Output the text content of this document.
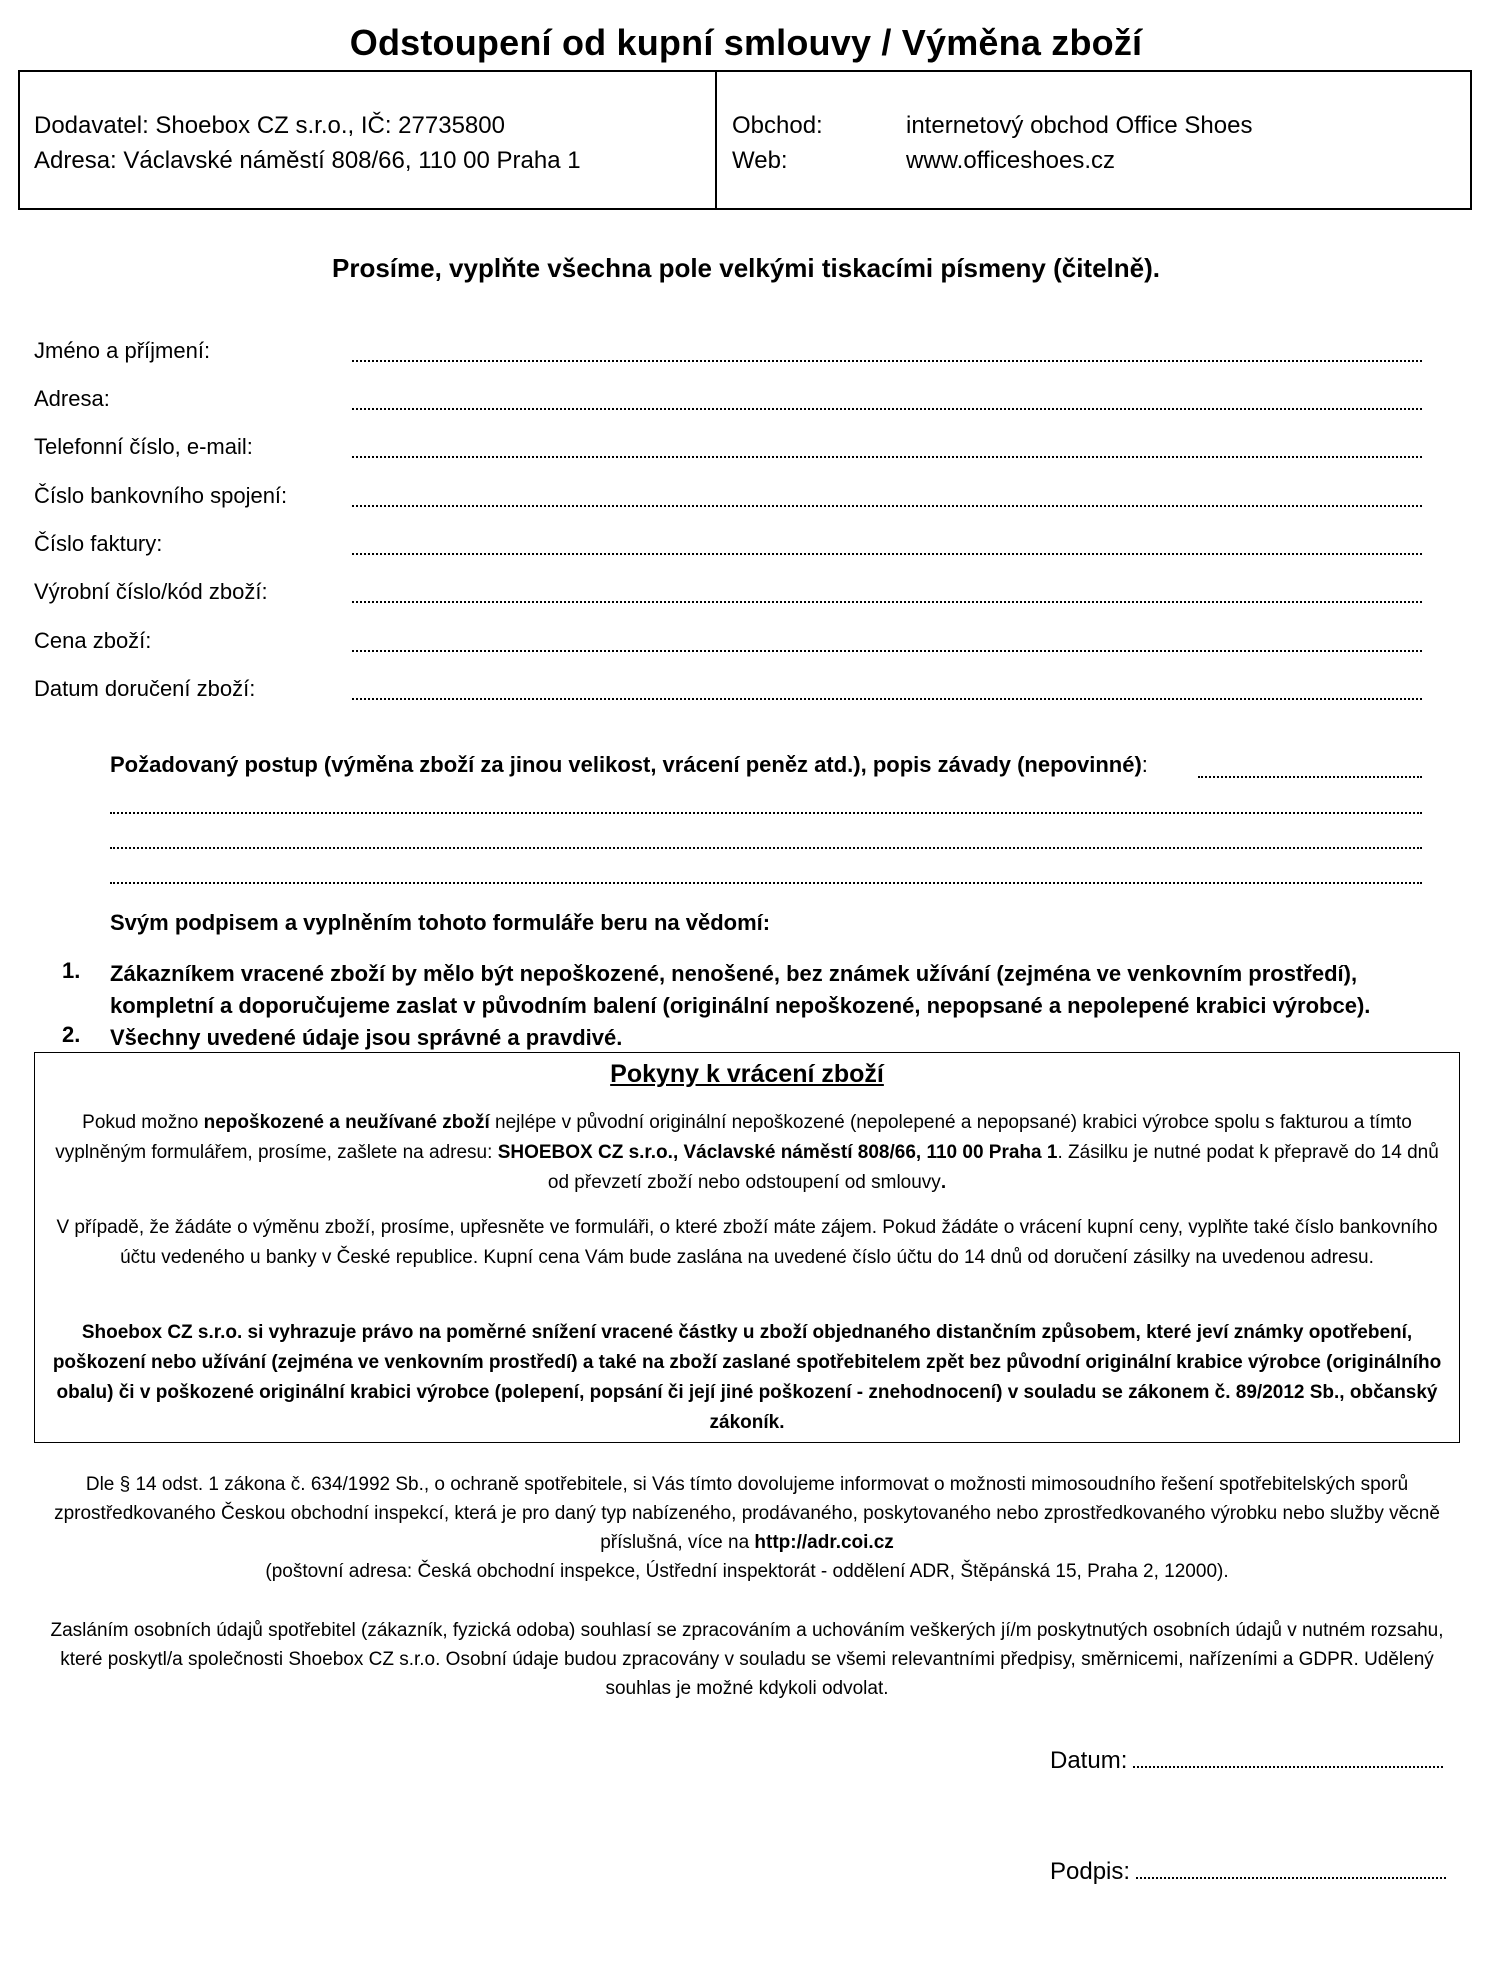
Odstoupení od kupní smlouvy / Výměna zboží
Dodavatel: Shoebox CZ s.r.o., IČ: 27735800
Adresa: Václavské náměstí 808/66, 110 00 Praha 1
Obchod:	internetový obchod Office Shoes
Web:	www.officeshoes.cz
Prosíme, vyplňte všechna pole velkými tiskacími písmeny (čitelně).
Jméno a příjmení:
Adresa:
Telefonní číslo, e-mail:
Číslo bankovního spojení:
Číslo faktury:
Výrobní číslo/kód zboží:
Cena zboží:
Datum doručení zboží:
Požadovaný postup (výměna zboží za jinou velikost, vrácení peněz atd.), popis závady (nepovinné):
Svým podpisem a vyplněním tohoto formuláře beru na vědomí:
1. Zákazníkem vracené zboží by mělo být nepoškozené, nenošené, bez známek užívání (zejména ve venkovním prostředí), kompletní a doporučujeme zaslat v původním balení (originální nepoškozené, nepopsané a nepolepené krabici výrobce).
2. Všechny uvedené údaje jsou správné a pravdivé.
Pokyny k vrácení zboží
Pokud možno nepoškozené a neužívané zboží nejlépe v původní originální nepoškozené (nepolepené a nepopsané) krabici výrobce spolu s fakturou a tímto vyplněným formulářem, prosíme, zašlete na adresu: SHOEBOX CZ s.r.o., Václavské náměstí 808/66, 110 00 Praha 1. Zásilku je nutné podat k přepravě do 14 dnů od převzetí zboží nebo odstoupení od smlouvy.
V případě, že žádáte o výměnu zboží, prosíme, upřesněte ve formuláři, o které zboží máte zájem. Pokud žádáte o vrácení kupní ceny, vyplňte také číslo bankovního účtu vedeného u banky v České republice. Kupní cena Vám bude zaslána na uvedené číslo účtu do 14 dnů od doručení zásilky na uvedenou adresu.
Shoebox CZ s.r.o. si vyhrazuje právo na poměrné snížení vracené částky u zboží objednaného distančním způsobem, které jeví známky opotřebení, poškození nebo užívání (zejména ve venkovním prostředí) a také na zboží zaslané spotřebitelem zpět bez původní originální krabice výrobce (originálního obalu) či v poškozené originální krabici výrobce (polepení, popsání či její jiné poškození - znehodnocení) v souladu se zákonem č. 89/2012 Sb., občanský zákoník.
Dle § 14 odst. 1 zákona č. 634/1992 Sb., o ochraně spotřebitele, si Vás tímto dovolujeme informovat o možnosti mimosoudního řešení spotřebitelských sporů zprostředkovaného Českou obchodní inspekcí, která je pro daný typ nabízeného, prodávaného, poskytovaného nebo zprostředkovaného výrobku nebo služby věcně příslušná, více na http://adr.coi.cz
(poštovní adresa: Česká obchodní inspekce, Ústřední inspektorát - oddělení ADR, Štěpánská 15, Praha 2, 12000).
Zasláním osobních údajů spotřebitel (zákazník, fyzická odoba) souhlasí se zpracováním a uchováním veškerých jí/m poskytnutých osobních údajů v nutném rozsahu, které poskytl/a společnosti Shoebox CZ s.r.o. Osobní údaje budou zpracovány v souladu se všemi relevantními předpisy, směrnicemi, nařízeními a GDPR. Udělený souhlas je možné kdykoli odvolat.
Datum:
Podpis:
